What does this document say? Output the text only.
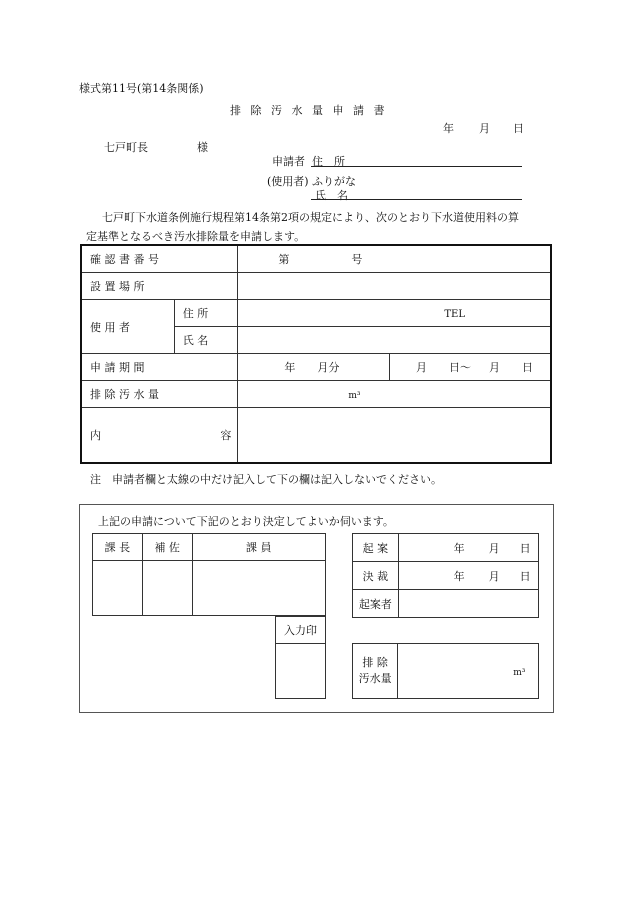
様式第11号(第14条関係)
排 除 汚 水 量 申 請 書
年 月 日
七戸町長	様
申請者 住　所
(使用者) ふりがな
氏　名
七戸町下水道条例施行規程第14条第2項の規定により、次のとおり下水道使用料の算
定基準となるべき汚水排除量を申請します。
確 認 書 番 号		第 号	

設 置 場 所			

使 用 者	住 所	TEL	

	氏 名		

申 請 期 間		年 月分	月 日～ 月 日

排 除 汚 水 量		m³	

内 容			

注　申請者欄と太線の中だけ記入して下の欄は記入しないでください。
上記の申請について下記のとおり決定してよいか伺います。
課 長	補 佐	課 員

入力印

起 案	年 月 日
決 裁	年 月 日
起案者	
排 除
汚水量	m³
